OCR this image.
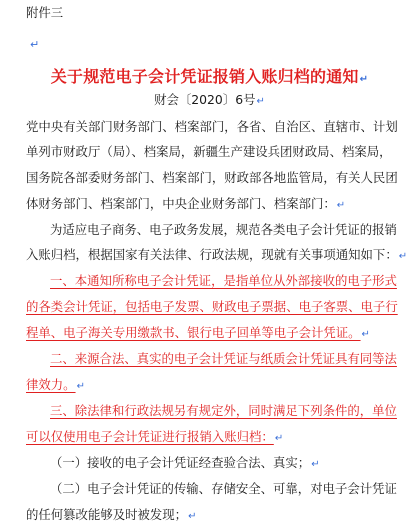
附件三
↵
关于规范电子会计凭证报销入账归档的通知↵
财会〔2020〕6号↵
党中央有关部门财务部门、档案部门，各省、自治区、直辖市、计划
单列市财政厅（局）、档案局，新疆生产建设兵团财政局、档案局，
国务院各部委财务部门、档案部门，财政部各地监管局，有关人民团
体财务部门、档案部门，中央企业财务部门、档案部门：↵
为适应电子商务、电子政务发展，规范各类电子会计凭证的报销
入账归档，根据国家有关法律、行政法规，现就有关事项通知如下：↵
一、本通知所称电子会计凭证，是指单位从外部接收的电子形式
的各类会计凭证，包括电子发票、财政电子票据、电子客票、电子行
程单、电子海关专用缴款书、银行电子回单等电子会计凭证。↵
二、来源合法、真实的电子会计凭证与纸质会计凭证具有同等法
律效力。↵
三、除法律和行政法规另有规定外，同时满足下列条件的，单位
可以仅使用电子会计凭证进行报销入账归档：↵
（一）接收的电子会计凭证经查验合法、真实；↵
（二）电子会计凭证的传输、存储安全、可靠，对电子会计凭证
的任何篡改能够及时被发现；↵
